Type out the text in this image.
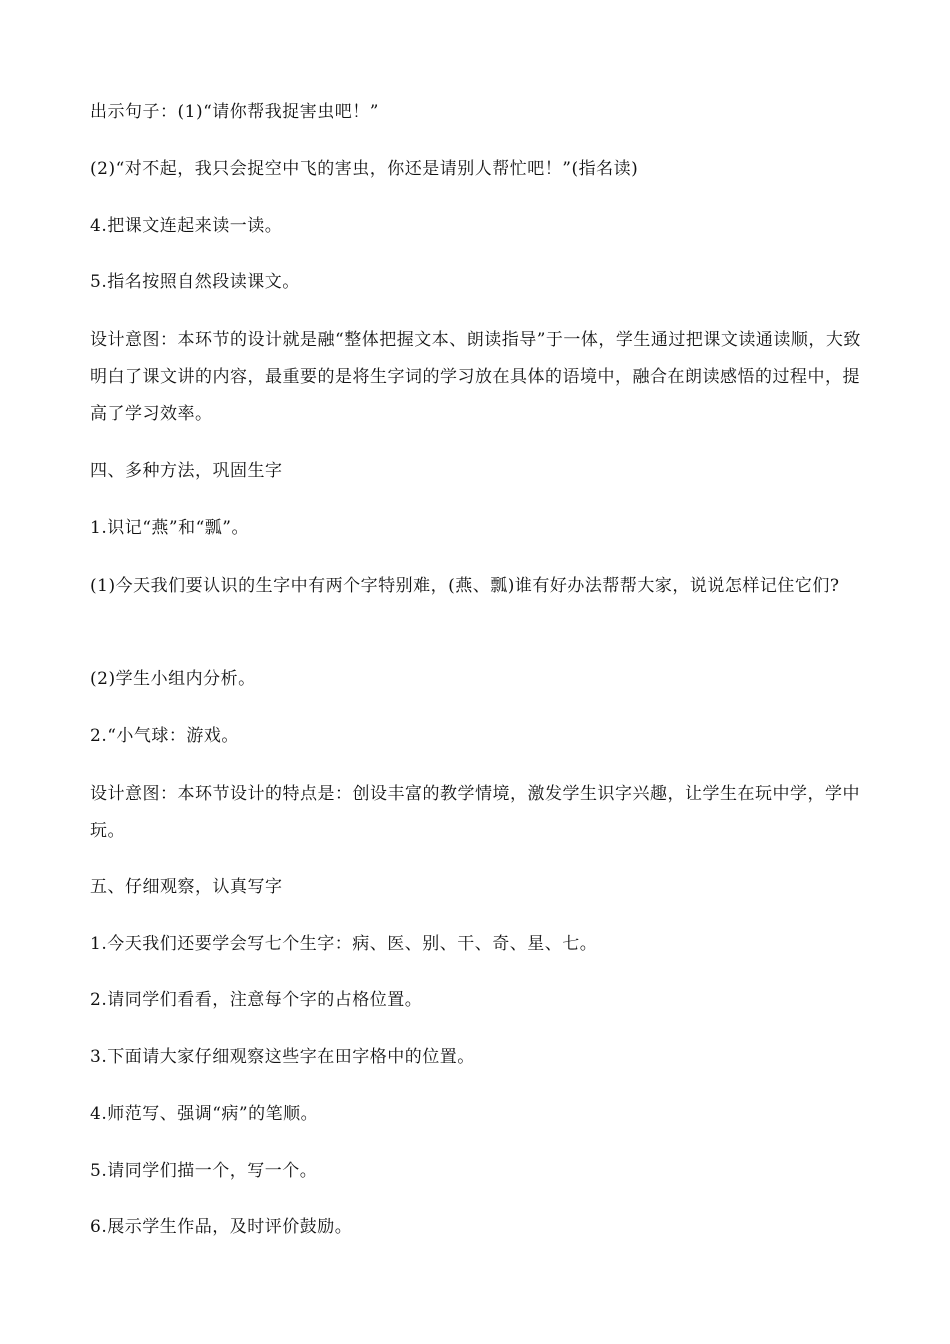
出示句子：(1)“请你帮我捉害虫吧！”
(2)“对不起，我只会捉空中飞的害虫，你还是请别人帮忙吧！”(指名读)
4.把课文连起来读一读。
5.指名按照自然段读课文。
设计意图：本环节的设计就是融“整体把握文本、朗读指导”于一体，学生通过把课文读通读顺，大致明白了课文讲的内容，最重要的是将生字词的学习放在具体的语境中，融合在朗读感悟的过程中，提高了学习效率。
四、多种方法，巩固生字
1.识记“燕”和“瓢”。
(1)今天我们要认识的生字中有两个字特别难，(燕、瓢)谁有好办法帮帮大家，说说怎样记住它们?
(2)学生小组内分析。
2.“小气球：游戏。
设计意图：本环节设计的特点是：创设丰富的教学情境，激发学生识字兴趣，让学生在玩中学，学中玩。
五、仔细观察，认真写字
1.今天我们还要学会写七个生字：病、医、别、干、奇、星、七。
2.请同学们看看，注意每个字的占格位置。
3.下面请大家仔细观察这些字在田字格中的位置。
4.师范写、强调“病”的笔顺。
5.请同学们描一个，写一个。
6.展示学生作品，及时评价鼓励。
